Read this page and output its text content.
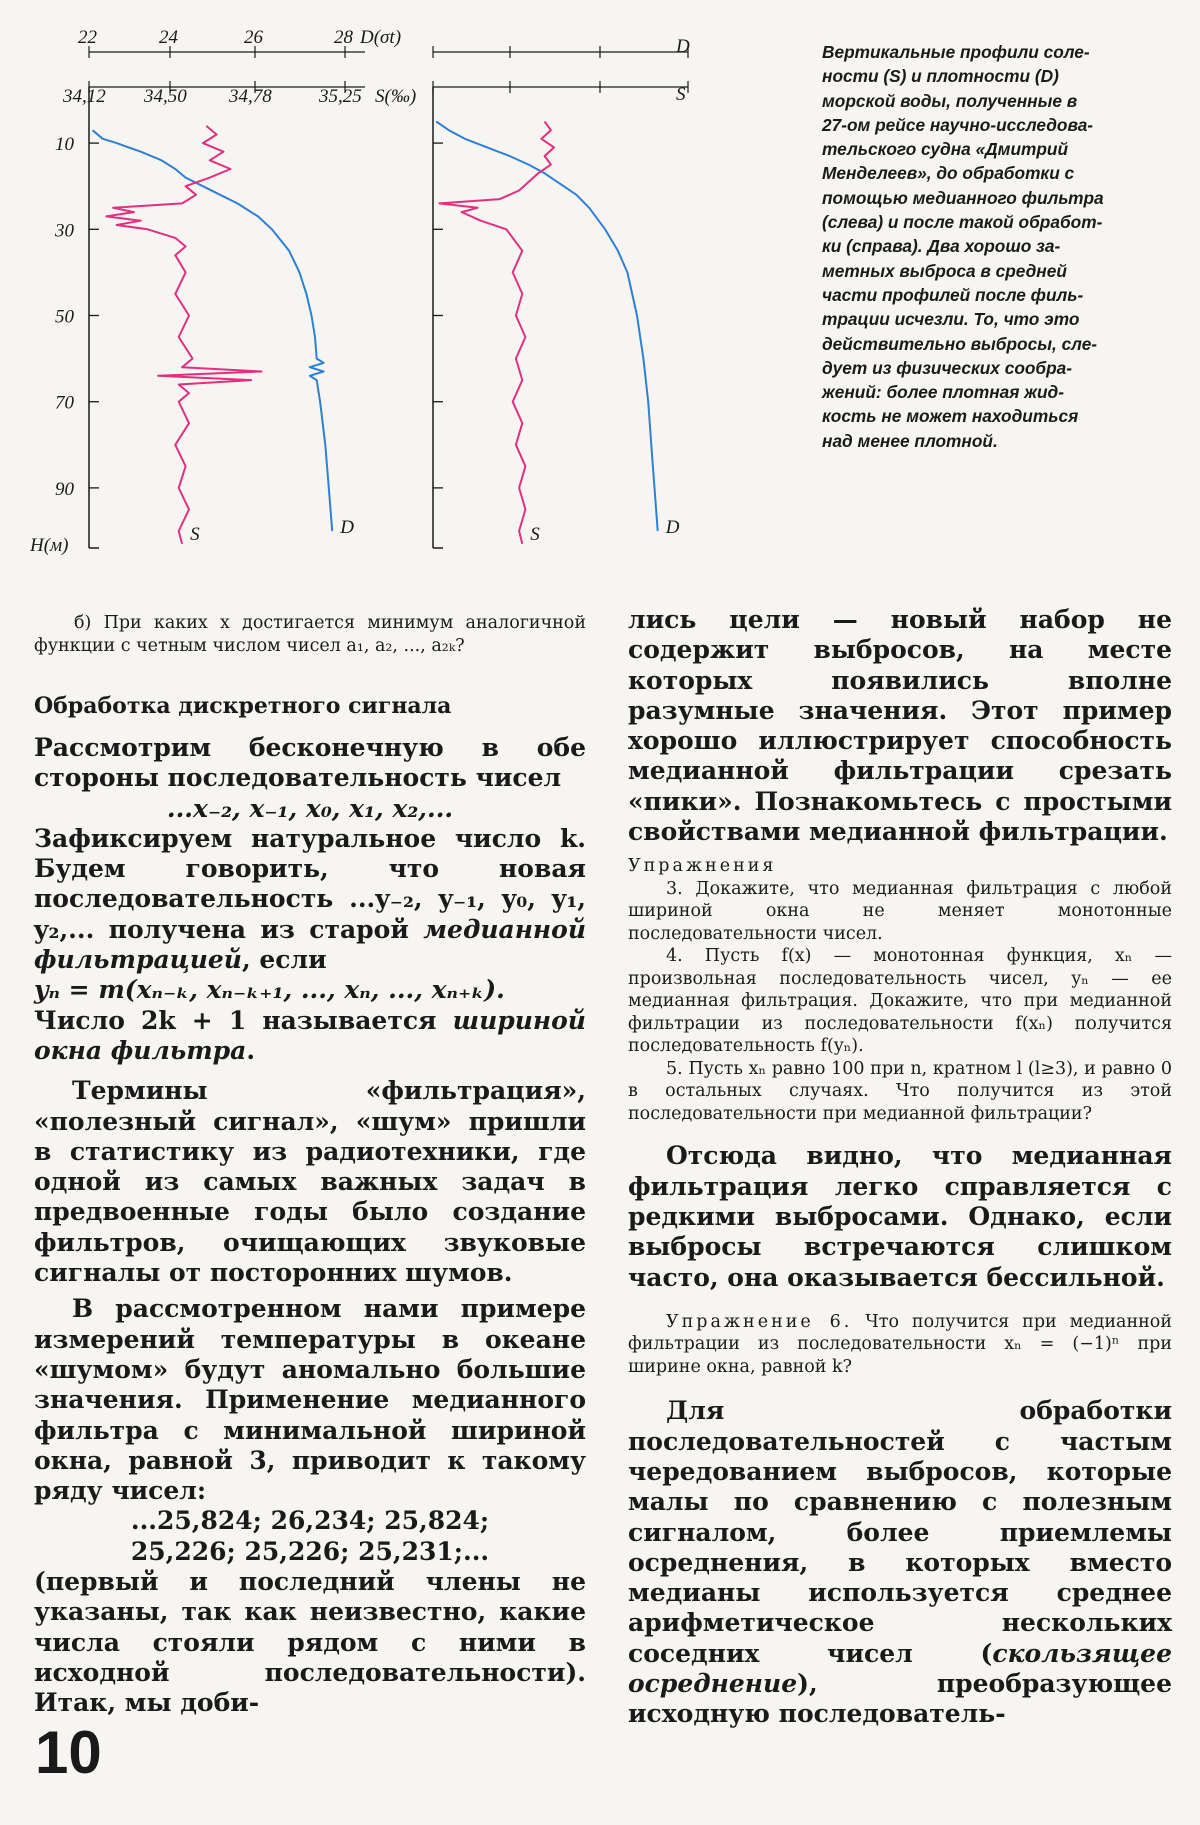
22	24	26	28 D(σt)
34,12 34,50 34,78 35,25 S(‰)
10
30
50
70
90
H(м)
S	D
D
S
S	D
Вертикальные профили соле-
ности (S) и плотности (D)
морской воды, полученные в
27-ом рейсе научно-исследова-
тельского судна «Дмитрий
Менделеев», до обработки с
помощью медианного фильтра
(слева) и после такой обработ-
ки (справа). Два хорошо за-
метных выброса в средней
части профилей после филь-
трации исчезли. То, что это
действительно выбросы, сле-
дует из физических сообра-
жений: более плотная жид-
кость не может находиться
над менее плотной.
б) При каких x достигается минимум аналогичной функции с четным числом чисел a₁, a₂, ..., a₂ₖ?
Обработка дискретного сигнала
Рассмотрим бесконечную в обе стороны последовательность чисел
...x₋₂, x₋₁, x₀, x₁, x₂,...
Зафиксируем натуральное число k. Будем говорить, что новая последовательность ...y₋₂, y₋₁, y₀, y₁, y₂,... получена из старой медианной фильтрацией, если
yₙ = m(xₙ₋ₖ, xₙ₋ₖ₊₁, ..., xₙ, ..., xₙ₊ₖ).
Число 2k + 1 называется шириной окна фильтра.
Термины «фильтрация», «полезный сигнал», «шум» пришли в статистику из радиотехники, где одной из самых важных задач в предвоенные годы было создание фильтров, очищающих звуковые сигналы от посторонних шумов.
В рассмотренном нами примере измерений температуры в океане «шумом» будут аномально большие значения. Применение медианного фильтра с минимальной шириной окна, равной 3, приводит к такому ряду чисел:
...25,824; 26,234; 25,824;
25,226; 25,226; 25,231;...
(первый и последний члены не указаны, так как неизвестно, какие числа стояли рядом с ними в исходной последовательности). Итак, мы доби-
лись цели — новый набор не содержит выбросов, на месте которых появились вполне разумные значения. Этот пример хорошо иллюстрирует способность медианной фильтрации срезать «пики». Познакомьтесь с простыми свойствами медианной фильтрации.
Упражнения
3. Докажите, что медианная фильтрация с любой шириной окна не меняет монотонные последовательности чисел.
4. Пусть f(x) — монотонная функция, xₙ — произвольная последовательность чисел, yₙ — ее медианная фильтрация. Докажите, что при медианной фильтрации из последовательности f(xₙ) получится последовательность f(yₙ).
5. Пусть xₙ равно 100 при n, кратном l (l≥3), и равно 0 в остальных случаях. Что получится из этой последовательности при медианной фильтрации?
Отсюда видно, что медианная фильтрация легко справляется с редкими выбросами. Однако, если выбросы встречаются слишком часто, она оказывается бессильной.
Упражнение 6. Что получится при медианной фильтрации из последовательности xₙ = (−1)ⁿ при ширине окна, равной k?
Для обработки последовательностей с частым чередованием выбросов, которые малы по сравнению с полезным сигналом, более приемлемы осреднения, в которых вместо медианы используется среднее арифметическое нескольких соседних чисел (скользящее осреднение), преобразующее исходную последователь-
10
